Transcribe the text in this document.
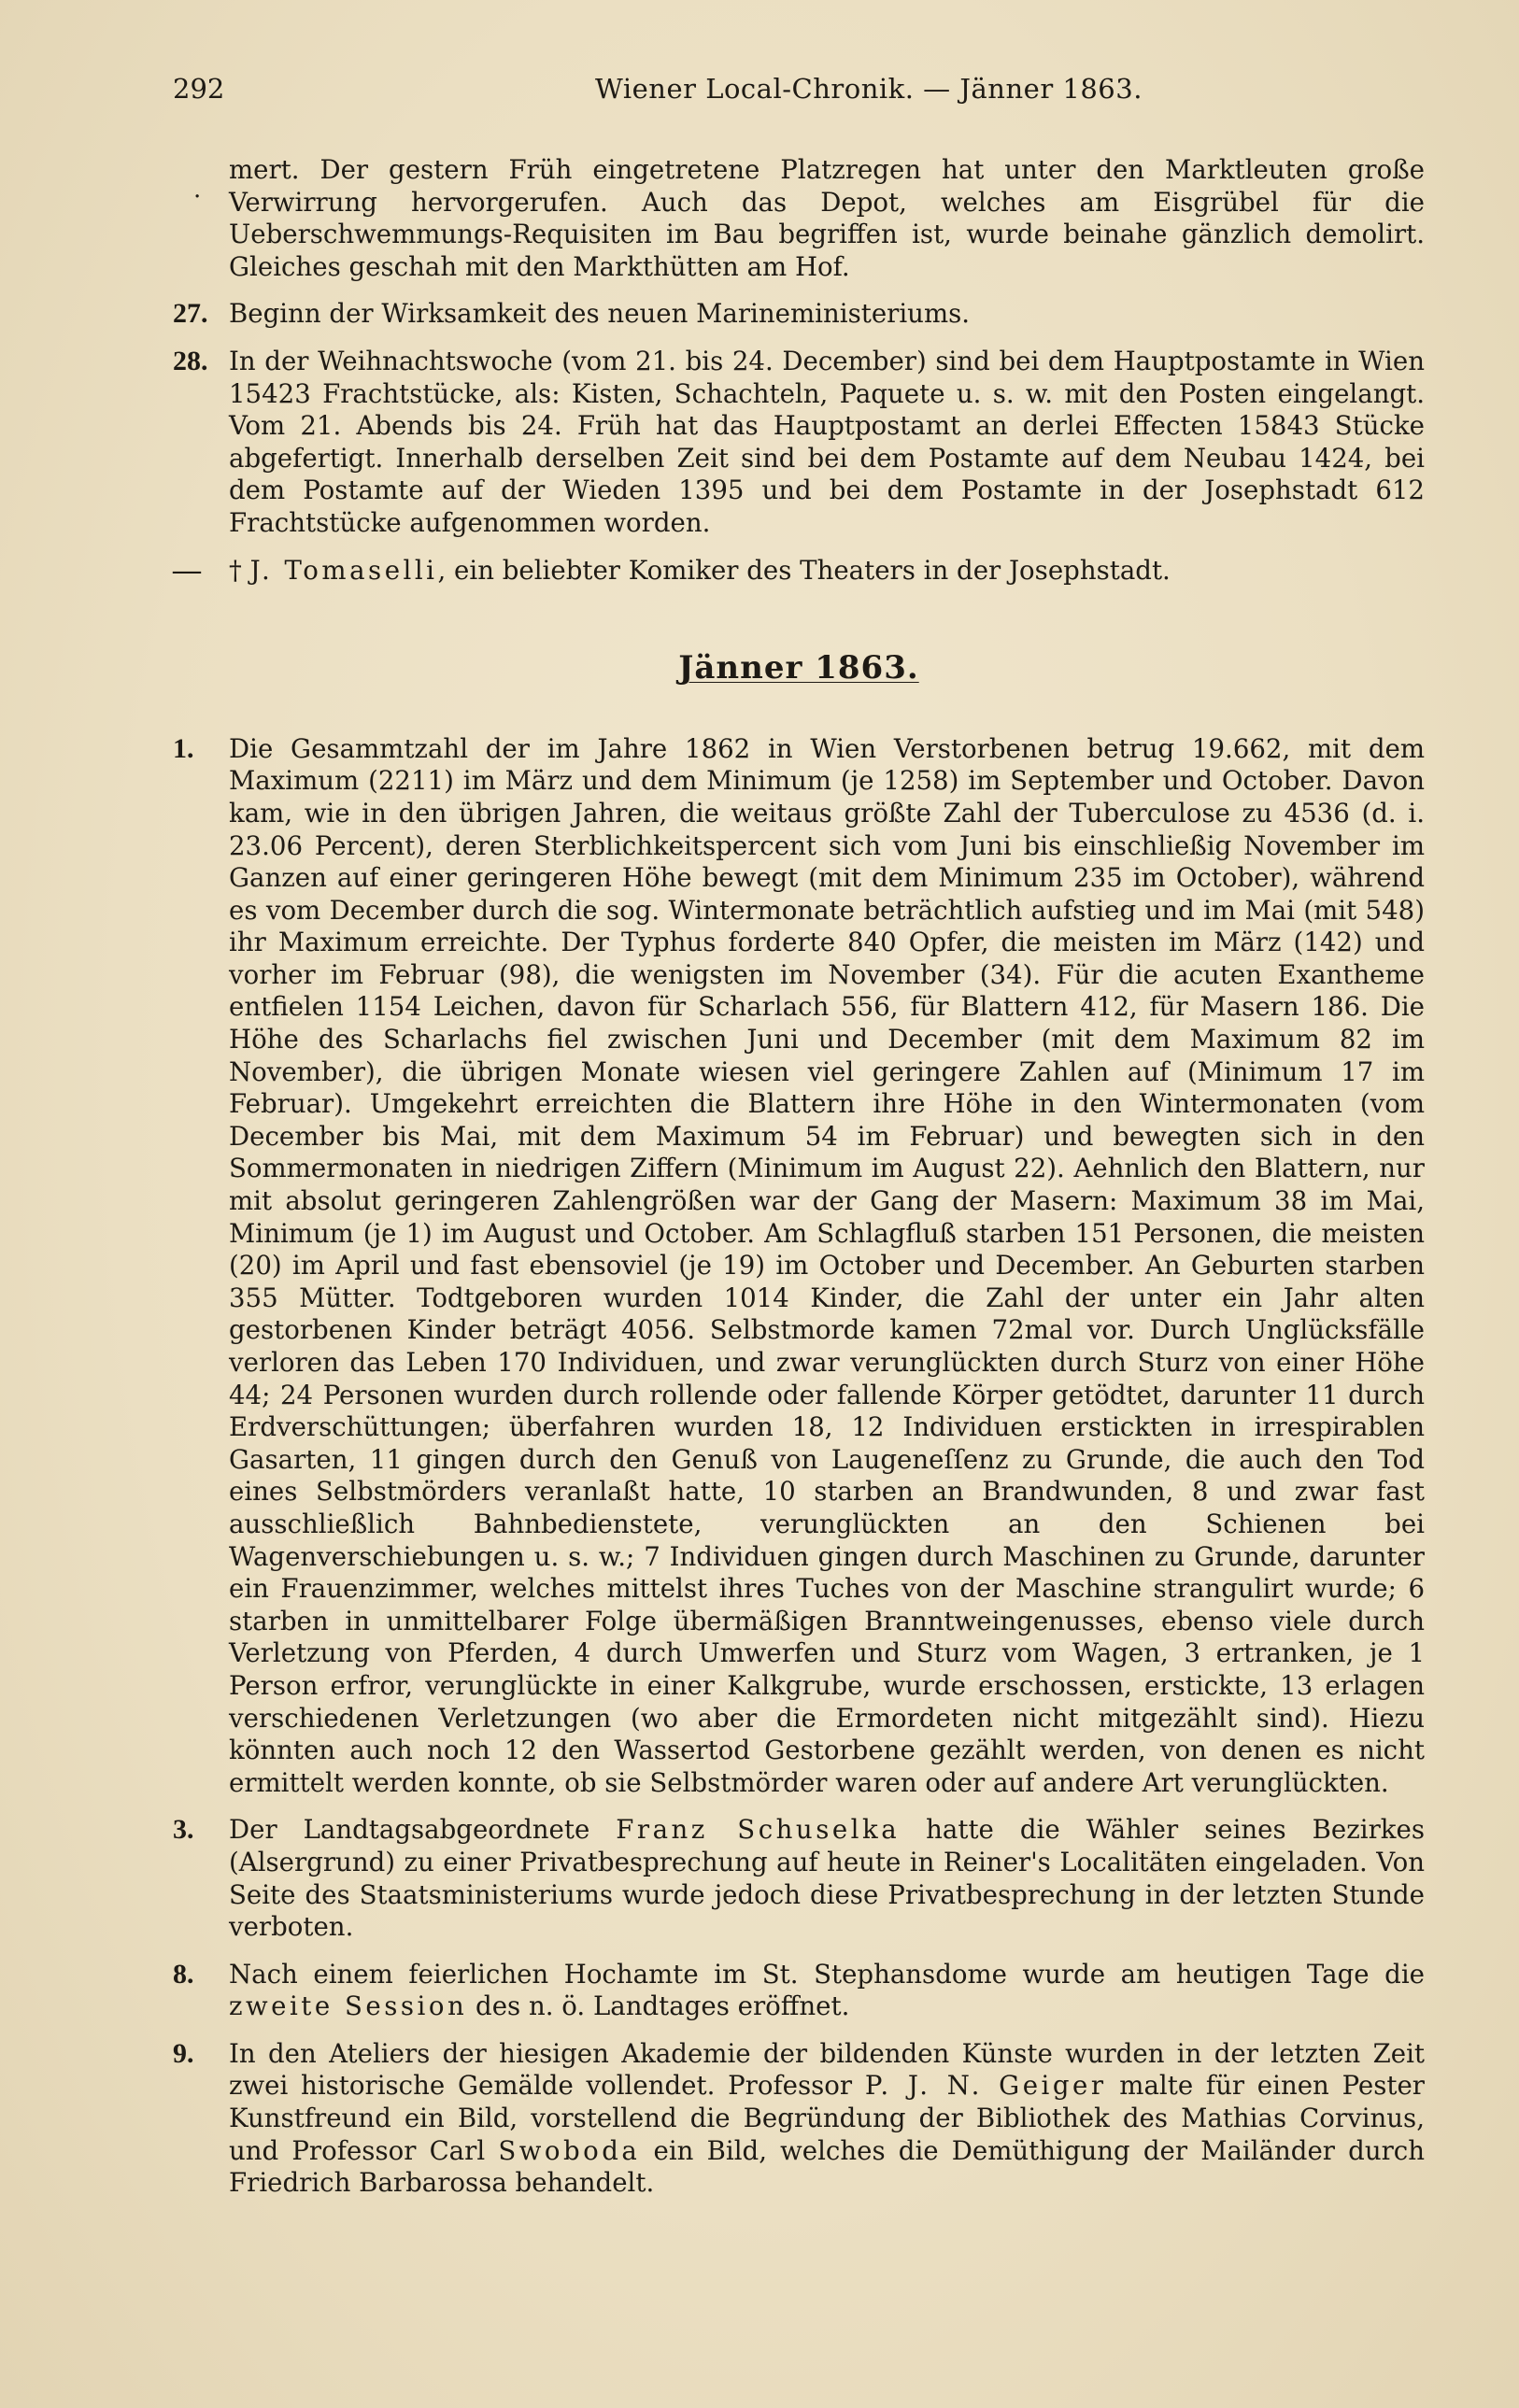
292	Wiener Local-Chronik. — Jänner 1863.
.

mert. Der gestern Früh eingetretene Platzregen hat unter den Marktleuten große Verwirrung hervorgerufen. Auch das Depot, welches am Eisgrübel für die Ueberschwemmungs-Requisiten im Bau begriffen ist, wurde beinahe gänzlich demolirt. Gleiches geschah mit den Markthütten am Hof.

27. Beginn der Wirksamkeit des neuen Marineministeriums.

28. In der Weihnachtswoche (vom 21. bis 24. December) sind bei dem Hauptpostamte in Wien 15423 Frachtstücke, als: Kisten, Schachteln, Paquete u. s. w. mit den Posten eingelangt. Vom 21. Abends bis 24. Früh hat das Hauptpostamt an derlei Effecten 15843 Stücke abgefertigt. Innerhalb derselben Zeit sind bei dem Postamte auf dem Neubau 1424, bei dem Postamte auf der Wieden 1395 und bei dem Postamte in der Josephstadt 612 Frachtstücke aufgenommen worden.

— † J. Tomaselli, ein beliebter Komiker des Theaters in der Josephstadt.

Jänner 1863.

1. Die Gesammtzahl der im Jahre 1862 in Wien Verstorbenen betrug 19.662, mit dem Maximum (2211) im März und dem Minimum (je 1258) im September und October. Davon kam, wie in den übrigen Jahren, die weitaus größte Zahl der Tuberculose zu 4536 (d. i. 23.06 Percent), deren Sterblichkeitspercent sich vom Juni bis einschließig November im Ganzen auf einer geringeren Höhe bewegt (mit dem Minimum 235 im October), während es vom December durch die sog. Wintermonate beträchtlich aufstieg und im Mai (mit 548) ihr Maximum erreichte. Der Typhus forderte 840 Opfer, die meisten im März (142) und vorher im Februar (98), die wenigsten im November (34). Für die acuten Exantheme entfielen 1154 Leichen, davon für Scharlach 556, für Blattern 412, für Masern 186. Die Höhe des Scharlachs fiel zwischen Juni und December (mit dem Maximum 82 im November), die übrigen Monate wiesen viel geringere Zahlen auf (Minimum 17 im Februar). Umgekehrt erreichten die Blattern ihre Höhe in den Wintermonaten (vom December bis Mai, mit dem Maximum 54 im Februar) und bewegten sich in den Sommermonaten in niedrigen Ziffern (Minimum im August 22). Aehnlich den Blattern, nur mit absolut geringeren Zahlengrößen war der Gang der Masern: Maximum 38 im Mai, Minimum (je 1) im August und October. Am Schlagfluß starben 151 Personen, die meisten (20) im April und fast ebensoviel (je 19) im October und December. An Geburten starben 355 Mütter. Todtgeboren wurden 1014 Kinder, die Zahl der unter ein Jahr alten gestorbenen Kinder beträgt 4056. Selbstmorde kamen 72mal vor. Durch Unglücksfälle verloren das Leben 170 Individuen, und zwar verunglückten durch Sturz von einer Höhe 44; 24 Personen wurden durch rollende oder fallende Körper getödtet, darunter 11 durch Erdverschüttungen; überfahren wurden 18, 12 Individuen erstickten in irrespirablen Gasarten, 11 gingen durch den Genuß von Laugeneſſenz zu Grunde, die auch den Tod eines Selbstmörders veranlaßt hatte, 10 starben an Brandwunden, 8 und zwar fast ausschließlich Bahnbedienstete, verunglückten an den Schienen bei Wagenverschiebungen u. s. w.; 7 Individuen gingen durch Maschinen zu Grunde, darunter ein Frauenzimmer, welches mittelst ihres Tuches von der Maschine strangulirt wurde; 6 starben in unmittelbarer Folge übermäßigen Branntweingenusses, ebenso viele durch Verletzung von Pferden, 4 durch Umwerfen und Sturz vom Wagen, 3 ertranken, je 1 Person erfror, verunglückte in einer Kalkgrube, wurde erschossen, erstickte, 13 erlagen verschiedenen Verletzungen (wo aber die Ermordeten nicht mitgezählt sind). Hiezu könnten auch noch 12 den Wassertod Gestorbene gezählt werden, von denen es nicht ermittelt werden konnte, ob sie Selbstmörder waren oder auf andere Art verunglückten.

3. Der Landtagsabgeordnete Franz Schuselka hatte die Wähler seines Bezirkes (Alsergrund) zu einer Privatbesprechung auf heute in Reiner's Localitäten eingeladen. Von Seite des Staatsministeriums wurde jedoch diese Privatbesprechung in der letzten Stunde verboten.

8. Nach einem feierlichen Hochamte im St. Stephansdome wurde am heutigen Tage die zweite Session des n. ö. Landtages eröffnet.

9. In den Ateliers der hiesigen Akademie der bildenden Künste wurden in der letzten Zeit zwei historische Gemälde vollendet. Professor P. J. N. Geiger malte für einen Pester Kunstfreund ein Bild, vorstellend die Begründung der Bibliothek des Mathias Corvinus, und Professor Carl Swoboda ein Bild, welches die Demüthigung der Mailänder durch Friedrich Barbarossa behandelt.
